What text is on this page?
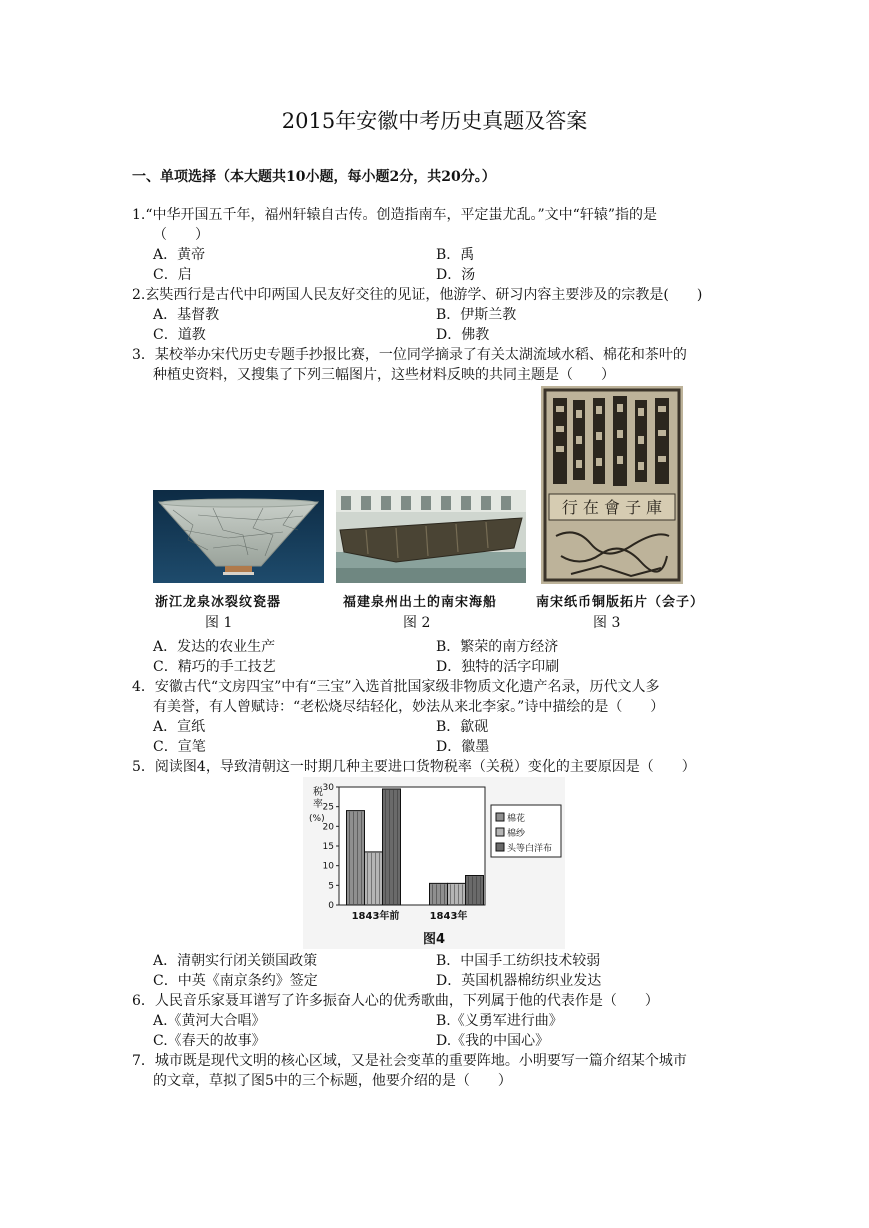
2015年安徽中考历史真题及答案
一、单项选择（本大题共10小题，每小题2分，共20分。）
1.“中华开国五千年，福州轩辕自古传。创造指南车，平定蚩尤乱。”文中“轩辕”指的是
（　　）
A．黄帝	B．禹
C．启	D．汤
2.玄奘西行是古代中印两国人民友好交往的见证，他游学、研习内容主要涉及的宗教是(　　)
A．基督教	B．伊斯兰教
C．道教	D．佛教
3．某校举办宋代历史专题手抄报比赛，一位同学摘录了有关太湖流域水稻、棉花和茶叶的
种植史资料，又搜集了下列三幅图片，这些材料反映的共同主题是（　　）
浙江龙泉冰裂纹瓷器
图 1
福建泉州出土的南宋海船
图 2
行 在 會 子 庫
南宋纸币铜版拓片（会子）
图 3
A．发达的农业生产	B．繁荣的南方经济
C．精巧的手工技艺	D．独特的活字印刷
4．安徽古代“文房四宝”中有“三宝”入选首批国家级非物质文化遗产名录，历代文人多
有美誉，有人曾赋诗：“老松烧尽结轻化，妙法从来北李家。”诗中描绘的是（　　）
A．宣纸	B．歙砚
C．宣笔	D．徽墨
5．阅读图4，导致清朝这一时期几种主要进口货物税率（关税）变化的主要原因是（　　）
税
率
(%)
0
5
10
15
20
25
30
1843年前	1843年
棉花
棉纱
头等白洋布
图4
A．清朝实行闭关锁国政策	B．中国手工纺织技术较弱
C．中英《南京条约》签定	D．英国机器棉纺织业发达
6．人民音乐家聂耳谱写了许多振奋人心的优秀歌曲，下列属于他的代表作是（　　）
A.《黄河大合唱》	B.《义勇军进行曲》
C.《春天的故事》	D.《我的中国心》
7．城市既是现代文明的核心区域，又是社会变革的重要阵地。小明要写一篇介绍某个城市
的文章，草拟了图5中的三个标题，他要介绍的是（　　）
